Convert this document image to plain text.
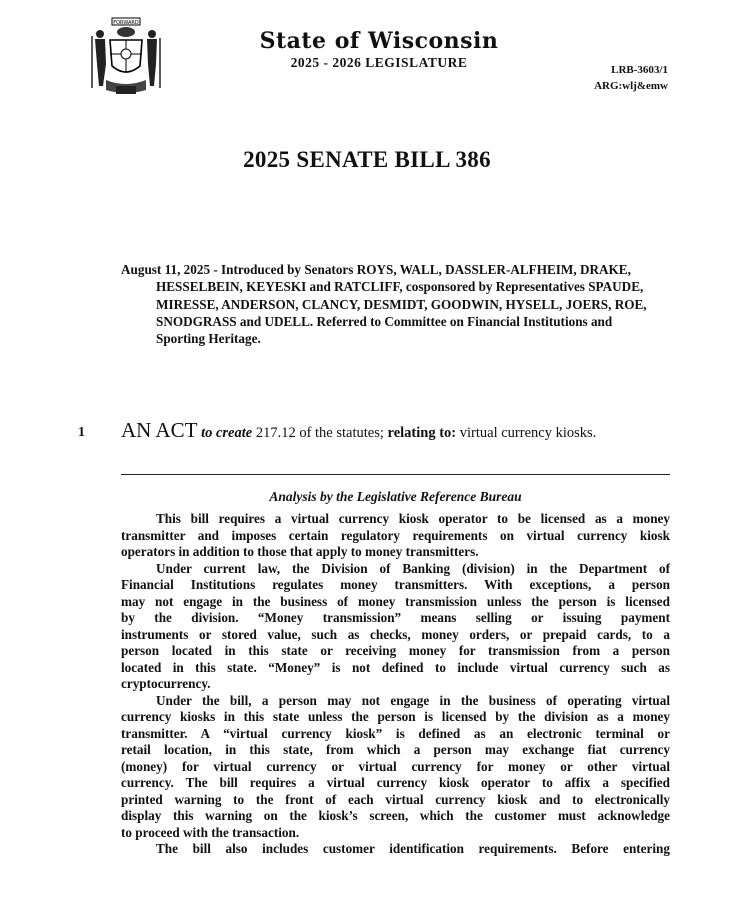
FORWARD
State of Wisconsin
2025 - 2026 LEGISLATURE	LRB-3603/1
ARG:wlj&emw
2025 SENATE BILL 386
August 11, 2025 - Introduced by Senators ROYS, WALL, DASSLER-ALFHEIM, DRAKE,
HESSELBEIN, KEYESKI and RATCLIFF, cosponsored by Representatives SPAUDE,
MIRESSE, ANDERSON, CLANCY, DESMIDT, GOODWIN, HYSELL, JOERS, ROE,
SNODGRASS and UDELL. Referred to Committee on Financial Institutions and
Sporting Heritage.
1 AN ACT to create 217.12 of the statutes; relating to: virtual currency kiosks.
Analysis by the Legislative Reference Bureau
This bill requires a virtual currency kiosk operator to be licensed as a money
transmitter and imposes certain regulatory requirements on virtual currency kiosk
operators in addition to those that apply to money transmitters.
Under current law, the Division of Banking (division) in the Department of
Financial Institutions regulates money transmitters. With exceptions, a person
may not engage in the business of money transmission unless the person is licensed
by the division. “Money transmission” means selling or issuing payment
instruments or stored value, such as checks, money orders, or prepaid cards, to a
person located in this state or receiving money for transmission from a person
located in this state. “Money” is not defined to include virtual currency such as
cryptocurrency.
Under the bill, a person may not engage in the business of operating virtual
currency kiosks in this state unless the person is licensed by the division as a money
transmitter. A “virtual currency kiosk” is defined as an electronic terminal or
retail location, in this state, from which a person may exchange fiat currency
(money) for virtual currency or virtual currency for money or other virtual
currency. The bill requires a virtual currency kiosk operator to affix a specified
printed warning to the front of each virtual currency kiosk and to electronically
display this warning on the kiosk’s screen, which the customer must acknowledge
to proceed with the transaction.
The bill also includes customer identification requirements. Before entering
